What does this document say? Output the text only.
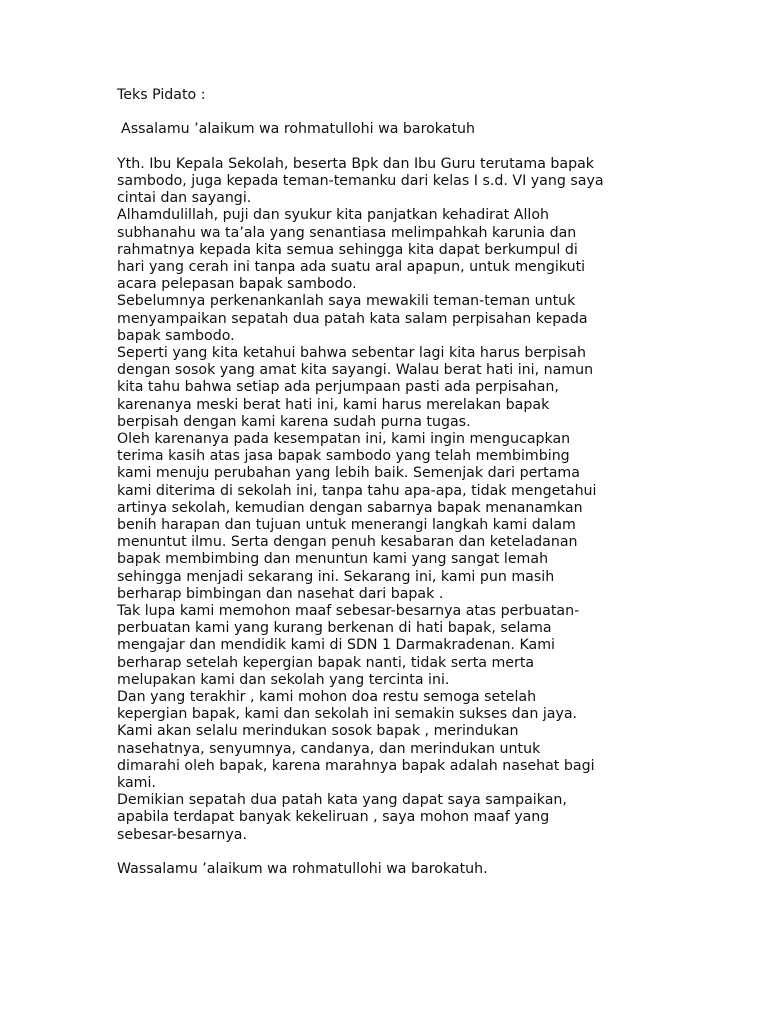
Teks Pidato :

Assalamu ’alaikum wa rohmatullohi wa barokatuh

Yth. Ibu Kepala Sekolah, beserta Bpk dan Ibu Guru terutama bapak
sambodo, juga kepada teman-temanku dari kelas I s.d. VI yang saya
cintai dan sayangi.

Alhamdulillah, puji dan syukur kita panjatkan kehadirat Alloh
subhanahu wa ta’ala yang senantiasa melimpahkah karunia dan
rahmatnya kepada kita semua sehingga kita dapat berkumpul di
hari yang cerah ini tanpa ada suatu aral apapun, untuk mengikuti
acara pelepasan bapak sambodo.

Sebelumnya perkenankanlah saya mewakili teman-teman untuk
menyampaikan sepatah dua patah kata salam perpisahan kepada
bapak sambodo.

Seperti yang kita ketahui bahwa sebentar lagi kita harus berpisah
dengan sosok yang amat kita sayangi. Walau berat hati ini, namun
kita tahu bahwa setiap ada perjumpaan pasti ada perpisahan,
karenanya meski berat hati ini, kami harus merelakan bapak
berpisah dengan kami karena sudah purna tugas.

Oleh karenanya pada kesempatan ini, kami ingin mengucapkan
terima kasih atas jasa bapak sambodo yang telah membimbing
kami menuju perubahan yang lebih baik. Semenjak dari pertama
kami diterima di sekolah ini, tanpa tahu apa-apa, tidak mengetahui
artinya sekolah, kemudian dengan sabarnya bapak menanamkan
benih harapan dan tujuan untuk menerangi langkah kami dalam
menuntut ilmu. Serta dengan penuh kesabaran dan keteladanan
bapak membimbing dan menuntun kami yang sangat lemah
sehingga menjadi sekarang ini. Sekarang ini, kami pun masih
berharap bimbingan dan nasehat dari bapak .

Tak lupa kami memohon maaf sebesar-besarnya atas perbuatan-
perbuatan kami yang kurang berkenan di hati bapak, selama
mengajar dan mendidik kami di SDN 1 Darmakradenan. Kami
berharap setelah kepergian bapak nanti, tidak serta merta
melupakan kami dan sekolah yang tercinta ini.

Dan yang terakhir , kami mohon doa restu semoga setelah
kepergian bapak, kami dan sekolah ini semakin sukses dan jaya.
Kami akan selalu merindukan sosok bapak , merindukan
nasehatnya, senyumnya, candanya, dan merindukan untuk
dimarahi oleh bapak, karena marahnya bapak adalah nasehat bagi
kami.

Demikian sepatah dua patah kata yang dapat saya sampaikan,
apabila terdapat banyak kekeliruan , saya mohon maaf yang
sebesar-besarnya.

Wassalamu ’alaikum wa rohmatullohi wa barokatuh.
